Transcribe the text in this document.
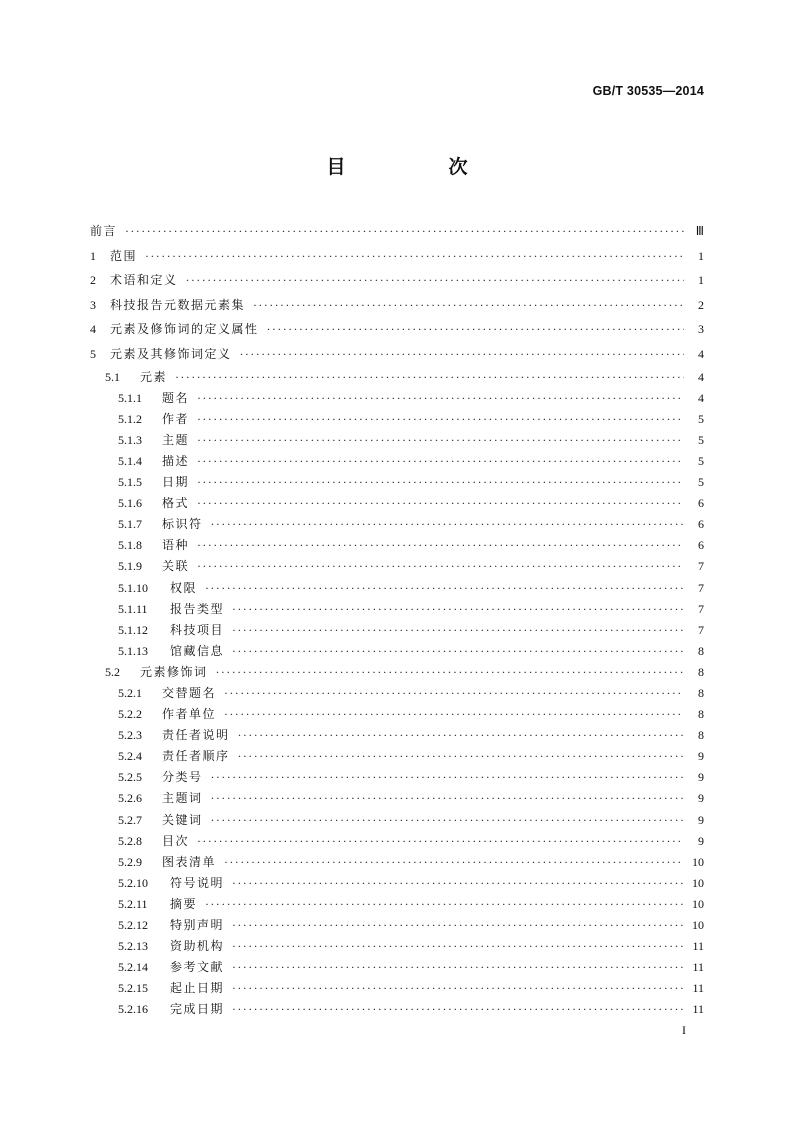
GB/T 30535—2014
目　次
前言 ·····	Ⅲ
1	范围 ·····	1
2	术语和定义 ·····	1
3	科技报告元数据元素集 ·····	2
4	元素及修饰词的定义属性 ·····	3
5	元素及其修饰词定义 ·····	4
5.1	元素 ·····	4
5.1.1	题名 ·····	4
5.1.2	作者 ·····	5
5.1.3	主题 ·····	5
5.1.4	描述 ·····	5
5.1.5	日期 ·····	5
5.1.6	格式 ·····	6
5.1.7	标识符 ·····	6
5.1.8	语种 ·····	6
5.1.9	关联 ·····	7
5.1.10	权限 ·····	7
5.1.11	报告类型 ·····	7
5.1.12	科技项目 ·····	7
5.1.13	馆藏信息 ·····	8
5.2	元素修饰词 ·····	8
5.2.1	交替题名 ·····	8
5.2.2	作者单位 ·····	8
5.2.3	责任者说明 ·····	8
5.2.4	责任者顺序 ·····	9
5.2.5	分类号 ·····	9
5.2.6	主题词 ·····	9
5.2.7	关键词 ·····	9
5.2.8	目次 ·····	9
5.2.9	图表清单 ·····	10
5.2.10	符号说明 ·····	10
5.2.11	摘要 ·····	10
5.2.12	特别声明 ·····	10
5.2.13	资助机构 ·····	11
5.2.14	参考文献 ·····	11
5.2.15	起止日期 ·····	11
5.2.16	完成日期 ·····	11
I
